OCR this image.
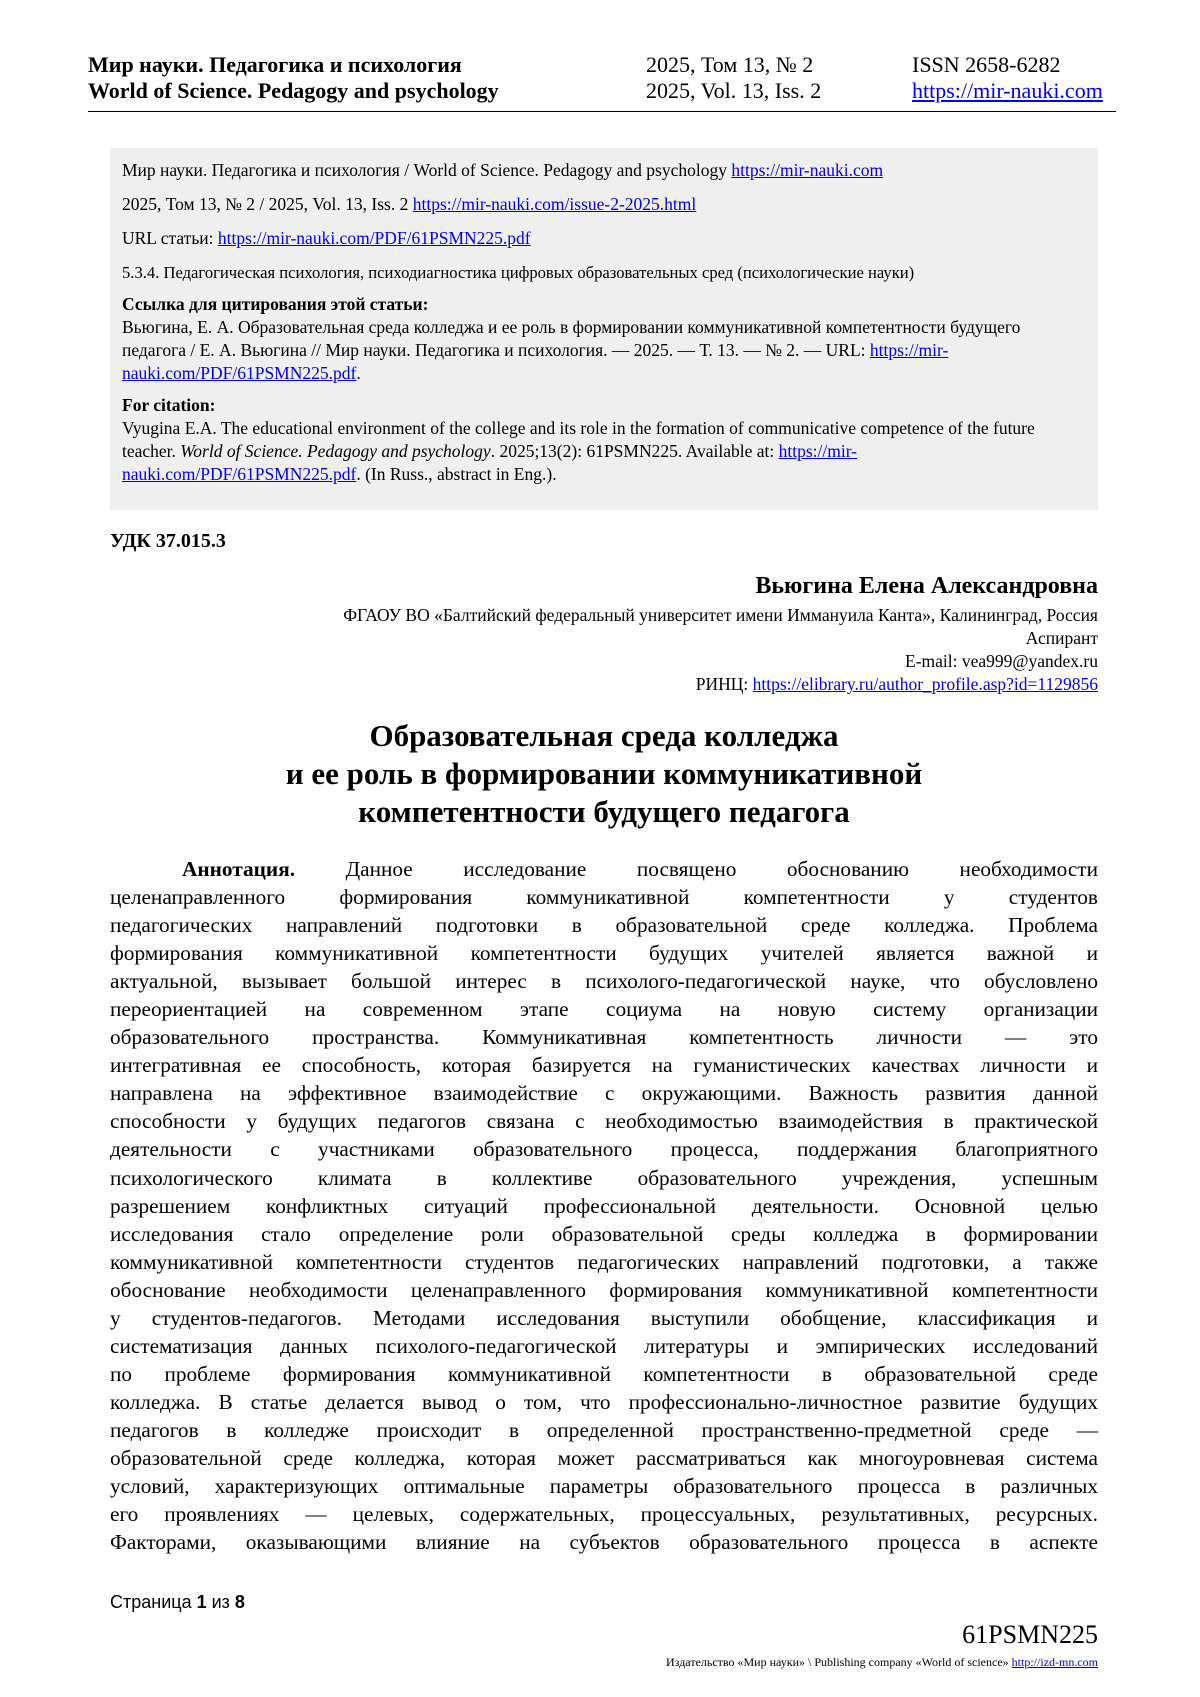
Мир науки. Педагогика и психология
World of Science. Pedagogy and psychology
2025, Том 13, № 2
2025, Vol. 13, Iss. 2
ISSN 2658-6282
https://mir-nauki.com

Мир науки. Педагогика и психология / World of Science. Pedagogy and psychology https://mir-nauki.com

2025, Том 13, № 2 / 2025, Vol. 13, Iss. 2 https://mir-nauki.com/issue-2-2025.html

URL статьи: https://mir-nauki.com/PDF/61PSMN225.pdf

5.3.4. Педагогическая психология, психодиагностика цифровых образовательных сред (психологические науки)

Ссылка для цитирования этой статьи:

Вьюгина, Е. А. Образовательная среда колледжа и ее роль в формировании коммуникативной компетентности будущего педагога / Е. А. Вьюгина // Мир науки. Педагогика и психология. — 2025. — Т. 13. — № 2. — URL: https://mir-nauki.com/PDF/61PSMN225.pdf.

For citation:

Vyugina E.A. The educational environment of the college and its role in the formation of communicative competence of the future teacher. World of Science. Pedagogy and psychology. 2025;13(2): 61PSMN225. Available at: https://mir-nauki.com/PDF/61PSMN225.pdf. (In Russ., abstract in Eng.).

УДК 37.015.3
Вьюгина Елена Александровна
ФГАОУ ВО «Балтийский федеральный университет имени Иммануила Канта», Калининград, Россия
Аспирант
E-mail: vea999@yandex.ru
РИНЦ: https://elibrary.ru/author_profile.asp?id=1129856
Образовательная среда колледжа
и ее роль в формировании коммуникативной
компетентности будущего педагога
Аннотация. Данное исследование посвящено обоснованию необходимости
целенаправленного формирования коммуникативной компетентности у студентов
педагогических направлений подготовки в образовательной среде колледжа. Проблема
формирования коммуникативной компетентности будущих учителей является важной и
актуальной, вызывает большой интерес в психолого-педагогической науке, что обусловлено
переориентацией на современном этапе социума на новую систему организации
образовательного пространства. Коммуникативная компетентность личности — это
интегративная ее способность, которая базируется на гуманистических качествах личности и
направлена на эффективное взаимодействие с окружающими. Важность развития данной
способности у будущих педагогов связана с необходимостью взаимодействия в практической
деятельности с участниками образовательного процесса, поддержания благоприятного
психологического климата в коллективе образовательного учреждения, успешным
разрешением конфликтных ситуаций профессиональной деятельности. Основной целью
исследования стало определение роли образовательной среды колледжа в формировании
коммуникативной компетентности студентов педагогических направлений подготовки, а также
обоснование необходимости целенаправленного формирования коммуникативной компетентности
у студентов-педагогов. Методами исследования выступили обобщение, классификация и
систематизация данных психолого-педагогической литературы и эмпирических исследований
по проблеме формирования коммуникативной компетентности в образовательной среде
колледжа. В статье делается вывод о том, что профессионально-личностное развитие будущих
педагогов в колледже происходит в определенной пространственно-предметной среде —
образовательной среде колледжа, которая может рассматриваться как многоуровневая система
условий, характеризующих оптимальные параметры образовательного процесса в различных
его проявлениях — целевых, содержательных, процессуальных, результативных, ресурсных.
Факторами, оказывающими влияние на субъектов образовательного процесса в аспекте
Страница 1 из 8
61PSMN225
Издательство «Мир науки» \ Publishing company «World of science» http://izd-mn.com
